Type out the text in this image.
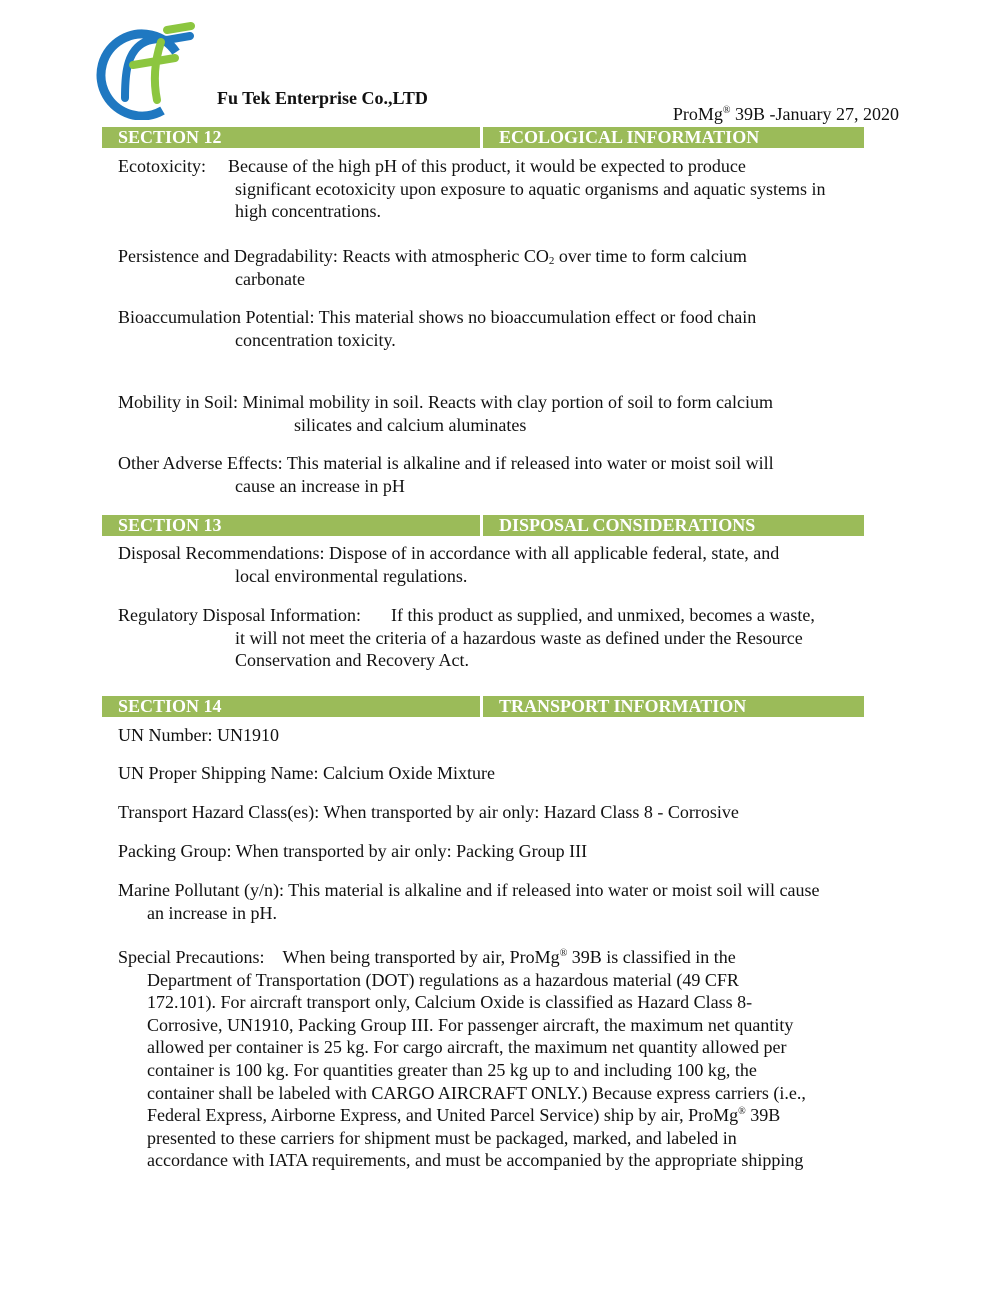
Fu Tek Enterprise Co.,LTD
ProMg® 39B -January 27, 2020
SECTION 12	ECOLOGICAL INFORMATION
Ecotoxicity: Because of the high pH of this product, it would be expected to produce
significant ecotoxicity upon exposure to aquatic organisms and aquatic systems in
high concentrations.
Persistence and Degradability: Reacts with atmospheric $CO_2$ over time to form calcium
carbonate
Bioaccumulation Potential: This material shows no bioaccumulation effect or food chain
concentration toxicity.
Mobility in Soil: Minimal mobility in soil. Reacts with clay portion of soil to form calcium
silicates and calcium aluminates
Other Adverse Effects: This material is alkaline and if released into water or moist soil will
cause an increase in pH
SECTION 13	DISPOSAL CONSIDERATIONS
Disposal Recommendations: Dispose of in accordance with all applicable federal, state, and
local environmental regulations.
Regulatory Disposal Information: If this product as supplied, and unmixed, becomes a waste,
it will not meet the criteria of a hazardous waste as defined under the Resource
Conservation and Recovery Act.
SECTION 14	TRANSPORT INFORMATION
UN Number: UN1910
UN Proper Shipping Name: Calcium Oxide Mixture
Transport Hazard Class(es): When transported by air only: Hazard Class 8 - Corrosive
Packing Group: When transported by air only: Packing Group III
Marine Pollutant (y/n): This material is alkaline and if released into water or moist soil will cause
an increase in pH.
Special Precautions: When being transported by air, ProMg® 39B is classified in the
Department of Transportation (DOT) regulations as a hazardous material (49 CFR
172.101). For aircraft transport only, Calcium Oxide is classified as Hazard Class 8-
Corrosive, UN1910, Packing Group III. For passenger aircraft, the maximum net quantity
allowed per container is 25 kg. For cargo aircraft, the maximum net quantity allowed per
container is 100 kg. For quantities greater than 25 kg up to and including 100 kg, the
container shall be labeled with CARGO AIRCRAFT ONLY.) Because express carriers (i.e.,
Federal Express, Airborne Express, and United Parcel Service) ship by air, ProMg® 39B
presented to these carriers for shipment must be packaged, marked, and labeled in
accordance with IATA requirements, and must be accompanied by the appropriate shipping
